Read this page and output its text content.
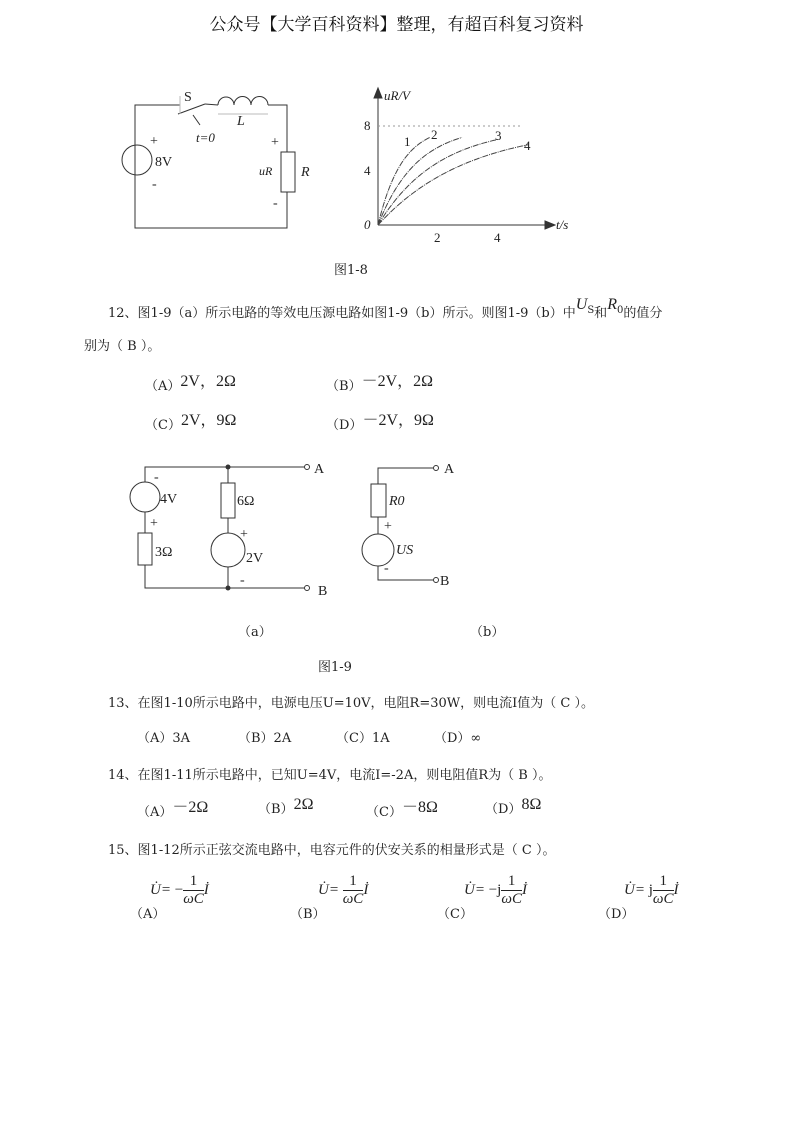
公众号【大学百科资料】整理，有超百科复习资料
S
t=0
L
+
-
8V
+
-
uR R
uR/V
t/s
0
4
8
2	4
1 2	3
4
图1-8
12、图1-9（a）所示电路的等效电压源电路如图1-9（b）所示。则图1-9（b）中$U_S$和$R_0$的值分
别为（ B ）。
（A）2V，2Ω	（B）－2V，2Ω
（C）2V，9Ω	（D）－2V，9Ω
-
4V
+
3Ω
6Ω
+
2V
-
A
B
R0
+
US
-
A
B
（a）	（b）
图1-9
13、在图1-10所示电路中，电源电压U=10V，电阻R=30W，则电流I值为（ C ）。
（A）3A	（B）2A	（C）1A	（D）∞
14、在图1-11所示电路中，已知U=4V，电流I=-2A，则电阻值R为（ B ）。
（A）－2Ω	（B）2Ω	（C）－8Ω	（D）8Ω
15、图1-12所示正弦交流电路中，电容元件的伏安关系的相量形式是（ C ）。
（A）
U̇= − $\frac{1}{\omega C}$ İ
（B）
U̇= $\frac{1}{\omega C}$ İ
（C）
U̇= $-j \frac{1}{\omega C}$ İ
（D）
U̇= j $\frac{1}{\omega C}$ İ
